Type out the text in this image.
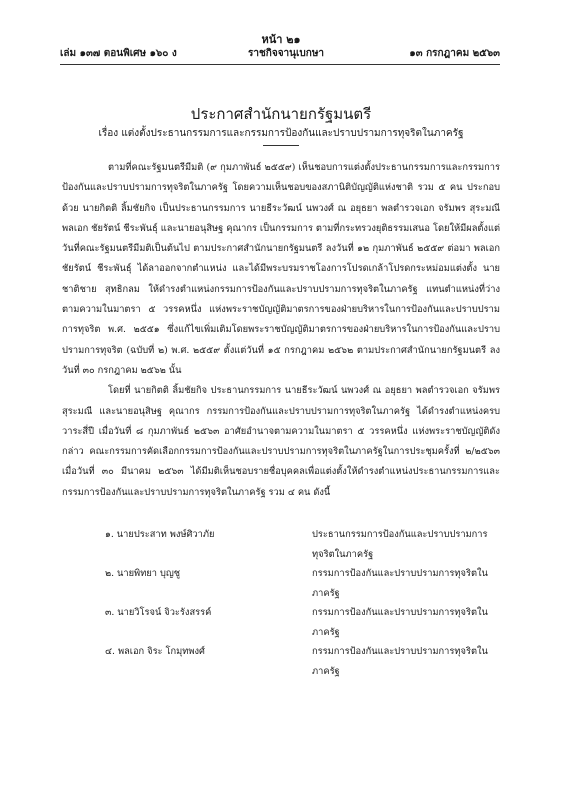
หน้า ๒๑
เล่ม ๑๓๗ ตอนพิเศษ ๑๖๐ ง	ราชกิจจานุเบกษา	๑๓ กรกฎาคม ๒๕๖๓
ประกาศสำนักนายกรัฐมนตรี
เรื่อง แต่งตั้งประธานกรรมการและกรรมการป้องกันและปราบปรามการทุจริตในภาครัฐ

ตามที่คณะรัฐมนตรีมีมติ (๙ กุมภาพันธ์ ๒๕๕๙) เห็นชอบการแต่งตั้งประธานกรรมการและกรรมการป้องกันและปราบปรามการทุจริตในภาครัฐ โดยความเห็นชอบของสภานิติบัญญัติแห่งชาติ รวม ๕ คน ประกอบด้วย นายกิตติ ลิ้มชัยกิจ เป็นประธานกรรมการ นายธีระวัฒน์ นพวงศ์ ณ อยุธยา พลตำรวจเอก จรัมพร สุระมณี พลเอก ชัยรัตน์ ชีระพันธุ์ และนายอนุสิษฐ คุณากร เป็นกรรมการ ตามที่กระทรวงยุติธรรมเสนอ โดยให้มีผลตั้งแต่วันที่คณะรัฐมนตรีมีมติเป็นต้นไป ตามประกาศสำนักนายกรัฐมนตรี ลงวันที่ ๑๒ กุมภาพันธ์ ๒๕๕๙ ต่อมา พลเอก ชัยรัตน์ ชีระพันธุ์ ได้ลาออกจากตำแหน่ง และได้มีพระบรมราชโองการโปรดเกล้าโปรดกระหม่อมแต่งตั้ง นายชาติชาย สุทธิกลม ให้ดำรงตำแหน่งกรรมการป้องกันและปราบปรามการทุจริตในภาครัฐ แทนตำแหน่งที่ว่าง ตามความในมาตรา ๕ วรรคหนึ่ง แห่งพระราชบัญญัติมาตรการของฝ่ายบริหารในการป้องกันและปราบปรามการทุจริต พ.ศ. ๒๕๕๑ ซึ่งแก้ไขเพิ่มเติมโดยพระราชบัญญัติมาตรการของฝ่ายบริหารในการป้องกันและปราบปรามการทุจริต (ฉบับที่ ๒) พ.ศ. ๒๕๕๙ ตั้งแต่วันที่ ๑๕ กรกฎาคม ๒๕๖๒ ตามประกาศสำนักนายกรัฐมนตรี ลงวันที่ ๓๐ กรกฎาคม ๒๕๖๒ นั้น

โดยที่ นายกิตติ ลิ้มชัยกิจ ประธานกรรมการ นายธีระวัฒน์ นพวงศ์ ณ อยุธยา พลตำรวจเอก จรัมพร สุระมณี และนายอนุสิษฐ คุณากร กรรมการป้องกันและปราบปรามการทุจริตในภาครัฐ ได้ดำรงตำแหน่งครบวาระสี่ปี เมื่อวันที่ ๘ กุมภาพันธ์ ๒๕๖๓ อาศัยอำนาจตามความในมาตรา ๕ วรรคหนึ่ง แห่งพระราชบัญญัติดังกล่าว คณะกรรมการคัดเลือกกรรมการป้องกันและปราบปรามการทุจริตในภาครัฐในการประชุมครั้งที่ ๒/๒๕๖๓ เมื่อวันที่ ๓๐ มีนาคม ๒๕๖๓ ได้มีมติเห็นชอบรายชื่อบุคคลเพื่อแต่งตั้งให้ดำรงตำแหน่งประธานกรรมการและกรรมการป้องกันและปราบปรามการทุจริตในภาครัฐ รวม ๔ คน ดังนี้

๑. นายประสาท พงษ์ศิวาภัย	ประธานกรรมการป้องกันและปราบปรามการทุจริตในภาครัฐ
๒. นายพิทยา บุญชู	กรรมการป้องกันและปราบปรามการทุจริตในภาครัฐ
๓. นายวิโรจน์ จิวะรังสรรค์	กรรมการป้องกันและปราบปรามการทุจริตในภาครัฐ
๔. พลเอก จิระ โกมุทพงศ์	กรรมการป้องกันและปราบปรามการทุจริตในภาครัฐ
